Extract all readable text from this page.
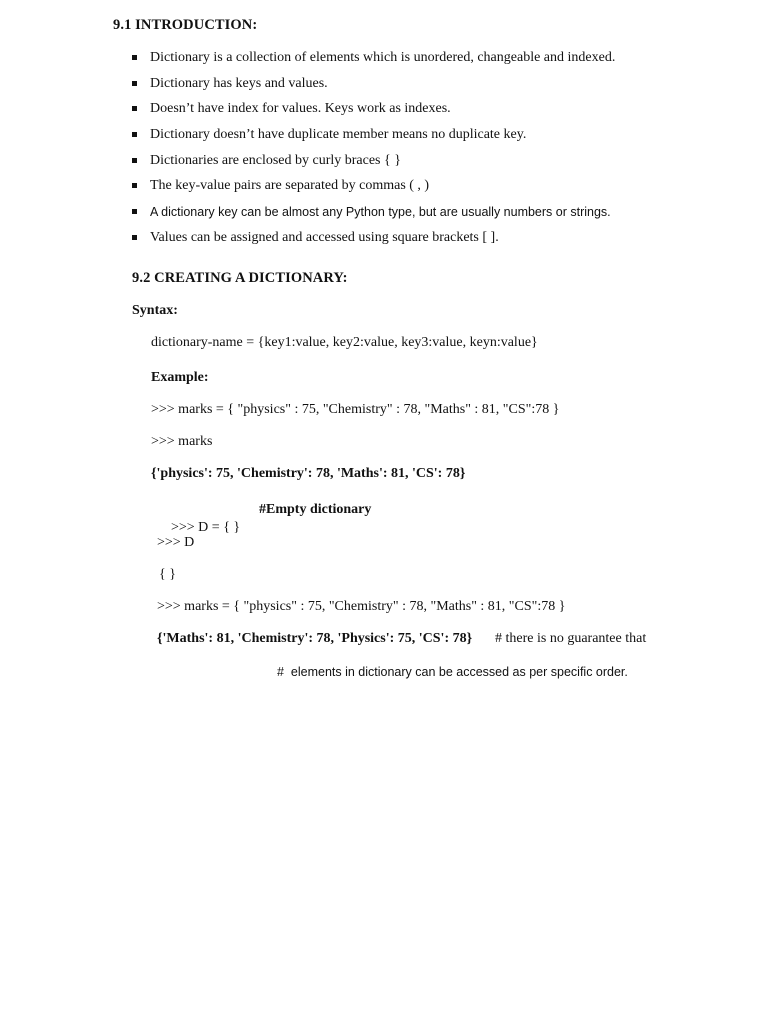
9.1 INTRODUCTION:
Dictionary is a collection of elements which is unordered, changeable and indexed.
Dictionary has keys and values.
Doesn’t have index for values. Keys work as indexes.
Dictionary doesn’t have duplicate member means no duplicate key.
Dictionaries are enclosed by curly braces { }
The key-value pairs are separated by commas ( , )
A dictionary key can be almost any Python type, but are usually numbers or strings.
Values can be assigned and accessed using square brackets [ ].
9.2 CREATING A DICTIONARY:
Syntax:
dictionary-name = {key1:value, key2:value, key3:value, keyn:value}
Example:
>>> marks = { "physics" : 75, "Chemistry" : 78, "Maths" : 81, "CS":78 }
>>> marks
{'physics': 75, 'Chemistry': 78, 'Maths': 81, 'CS': 78}

>>> D = { }

#Empty dictionary
>>> D
{ }
>>> marks = { "physics" : 75, "Chemistry" : 78, "Maths" : 81, "CS":78 }
{'Maths': 81, 'Chemistry': 78, 'Physics': 75, 'CS': 78} # there is no guarantee that
#  elements in dictionary can be accessed as per specific order.
